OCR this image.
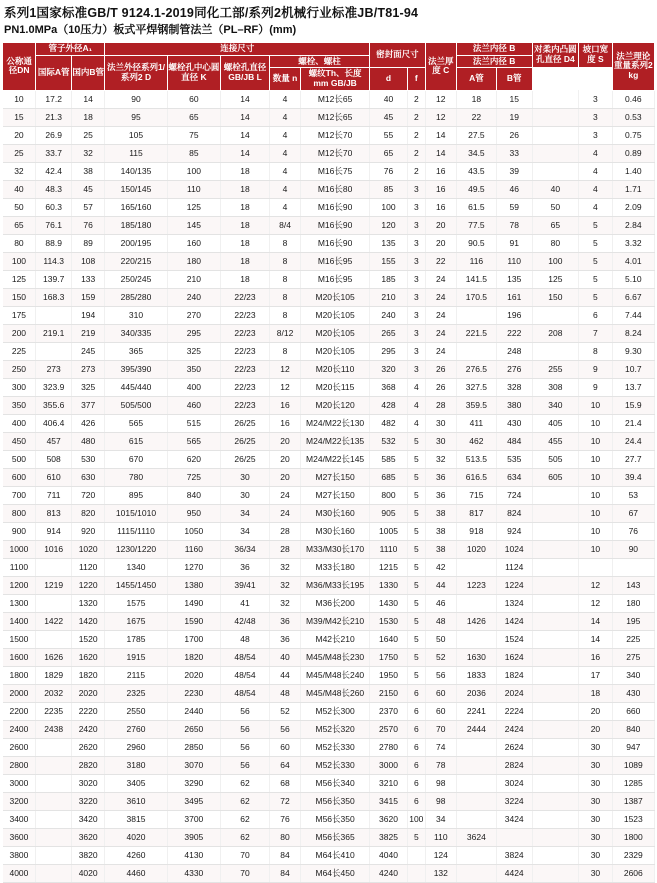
系列1国家标准GB/T 9124.1-2019同化工部/系列2机械行业标准JB/T81-94
PN1.0MPa（10压力）板式平焊钢制管法兰（PL–RF）(mm)
公称通径DN	管子外径A₁		连接尺寸					密封面尺寸		法兰厚度 C	法兰内径 B		对柔内凸圆孔直径 D4	坡口宽度 S	法兰理论重量系列2 kg
	国际A管	国内B管	法兰外径系列1/系列2 D	螺栓孔中心圆直径 K	螺栓孔直径GB/JB L	螺栓、螺柱					法兰内径 B				
						数量 n	螺纹Th、长度mm GB/JB	d	f		A管	B管			
10	17.2	14	90	60	14	4	M12长65	40	2	12	18	15		3	0.46
15	21.3	18	95	65	14	4	M12长65	45	2	12	22	19		3	0.53
20	26.9	25	105	75	14	4	M12长70	55	2	14	27.5	26		3	0.75
25	33.7	32	115	85	14	4	M12长70	65	2	14	34.5	33		4	0.89
32	42.4	38	140/135	100	18	4	M16长75	76	2	16	43.5	39		4	1.40
40	48.3	45	150/145	110	18	4	M16长80	85	3	16	49.5	46	40	4	1.71
50	60.3	57	165/160	125	18	4	M16长90	100	3	16	61.5	59	50	4	2.09
65	76.1	76	185/180	145	18	8/4	M16长90	120	3	20	77.5	78	65	5	2.84
80	88.9	89	200/195	160	18	8	M16长90	135	3	20	90.5	91	80	5	3.32
100	114.3	108	220/215	180	18	8	M16长95	155	3	22	116	110	100	5	4.01
125	139.7	133	250/245	210	18	8	M16长95	185	3	24	141.5	135	125	5	5.10
150	168.3	159	285/280	240	22/23	8	M20长105	210	3	24	170.5	161	150	5	6.67
175		194	310	270	22/23	8	M20长105	240	3	24		196		6	7.44
200	219.1	219	340/335	295	22/23	8/12	M20长105	265	3	24	221.5	222	208	7	8.24
225		245	365	325	22/23	8	M20长105	295	3	24		248		8	9.30
250	273	273	395/390	350	22/23	12	M20长110	320	3	26	276.5	276	255	9	10.7
300	323.9	325	445/440	400	22/23	12	M20长115	368	4	26	327.5	328	308	9	13.7
350	355.6	377	505/500	460	22/23	16	M20长120	428	4	28	359.5	380	340	10	15.9
400	406.4	426	565	515	26/25	16	M24/M22长130	482	4	30	411	430	405	10	21.4
450	457	480	615	565	26/25	20	M24/M22长135	532	5	30	462	484	455	10	24.4
500	508	530	670	620	26/25	20	M24/M22长145	585	5	32	513.5	535	505	10	27.7
600	610	630	780	725	30	20	M27长150	685	5	36	616.5	634	605	10	39.4
700	711	720	895	840	30	24	M27长150	800	5	36	715	724		10	53
800	813	820	1015/1010	950	34	24	M30长160	905	5	38	817	824		10	67
900	914	920	1115/1110	1050	34	28	M30长160	1005	5	38	918	924		10	76
1000	1016	1020	1230/1220	1160	36/34	28	M33/M30长170	1110	5	38	1020	1024		10	90
1100		1120	1340	1270	36	32	M33长180	1215	5	42		1124			
1200	1219	1220	1455/1450	1380	39/41	32	M36/M33长195	1330	5	44	1223	1224		12	143
1300		1320	1575	1490	41	32	M36长200	1430	5	46		1324		12	180
1400	1422	1420	1675	1590	42/48	36	M39/M42长210	1530	5	48	1426	1424		14	195
1500		1520	1785	1700	48	36	M42长210	1640	5	50		1524		14	225
1600	1626	1620	1915	1820	48/54	40	M45/M48长230	1750	5	52	1630	1624		16	275
1800	1829	1820	2115	2020	48/54	44	M45/M48长240	1950	5	56	1833	1824		17	340
2000	2032	2020	2325	2230	48/54	48	M45/M48长260	2150	6	60	2036	2024		18	430
2200	2235	2220	2550	2440	56	52	M52长300	2370	6	60	2241	2224		20	660
2400	2438	2420	2760	2650	56	56	M52长320	2570	6	70	2444	2424		20	840
2600		2620	2960	2850	56	60	M52长330	2780	6	74		2624		30	947
2800		2820	3180	3070	56	64	M52长330	3000	6	78		2824		30	1089
3000		3020	3405	3290	62	68	M56长340	3210	6	98		3024		30	1285
3200		3220	3610	3495	62	72	M56长350	3415	6	98		3224		30	1387
3400		3420	3815	3700	62	76	M56长350	3620	100	34		3424		30	1523
3600		3620	4020	3905	62	80	M56长365	3825	5	110	3624			30	1800
3800		3820	4260	4130	70	84	M64长410	4040		124		3824		30	2329
4000		4020	4460	4330	70	84	M64长450	4240		132		4424		30	2606
